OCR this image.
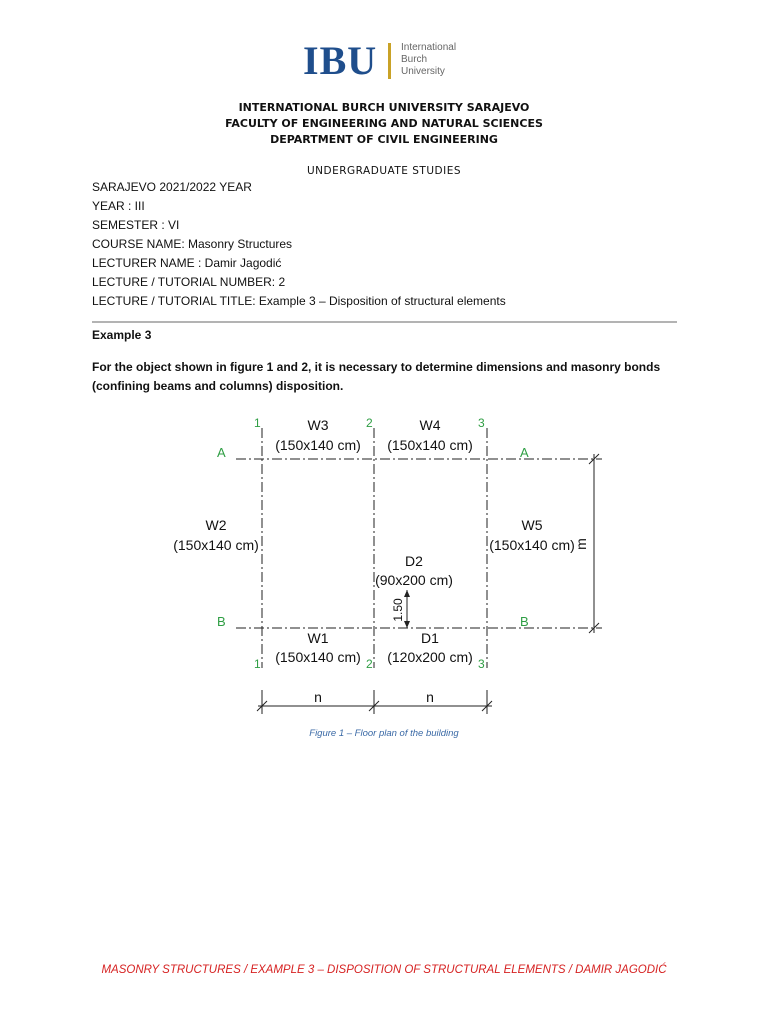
IBU International
Burch
University
INTERNATIONAL BURCH UNIVERSITY SARAJEVO
FACULTY OF ENGINEERING AND NATURAL SCIENCES
DEPARTMENT OF CIVIL ENGINEERING
UNDERGRADUATE STUDIES
SARAJEVO 2021/2022 YEAR
YEAR : III
SEMESTER : VI
COURSE NAME: Masonry Structures
LECTURER NAME : Damir Jagodić
LECTURE / TUTORIAL NUMBER: 2
LECTURE / TUTORIAL TITLE: Example 3 – Disposition of structural elements
Example 3
For the object shown in figure 1 and 2, it is necessary to determine dimensions and masonry bonds (confining beams and columns) disposition.
1	2	3
1	2	3
A	A
B	B
W3
(150x140 cm)
W4
(150x140 cm)
W2
(150x140 cm)
W5
(150x140 cm)
D2
(90x200 cm)
W1
(150x140 cm)
D1
(120x200 cm)
n	n
1.50
m
Figure 1 – Floor plan of the building
MASONRY STRUCTURES / EXAMPLE 3 – DISPOSITION OF STRUCTURAL ELEMENTS / DAMIR JAGODIĆ
